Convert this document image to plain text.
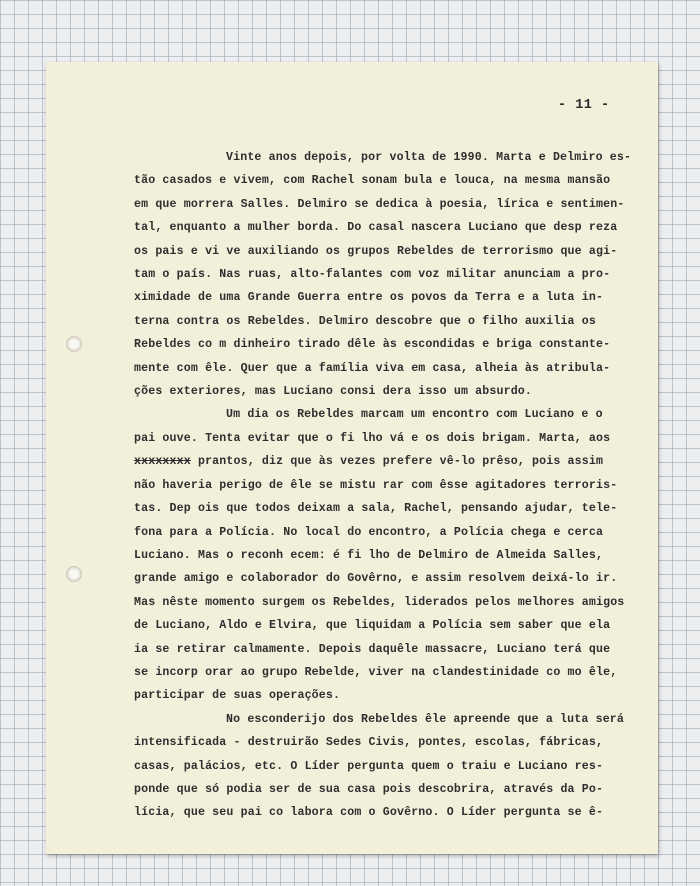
- 11 -
Vinte anos depois, por volta de 1990. Marta e Delmiro es-
tão casados e vivem, com Rachel sonam bula e louca, na mesma mansão
em que morrera Salles. Delmiro se dedica à poesia, lírica e sentimen-
tal, enquanto a mulher borda. Do casal nascera Luciano que desp reza
os pais e vi ve auxiliando os grupos Rebeldes de terrorismo que agi-
tam o país. Nas ruas, alto-falantes com voz militar anunciam a pro-
ximidade de uma Grande Guerra entre os povos da Terra e a luta in-
terna contra os Rebeldes. Delmiro descobre que o filho auxilia os
Rebeldes co m dinheiro tirado dêle às escondidas e briga constante-
mente com êle. Quer que a família viva em casa, alheia às atribula-
ções exteriores, mas Luciano consi dera isso um absurdo.
Um dia os Rebeldes marcam um encontro com Luciano e o
pai ouve. Tenta evitar que o fi lho vá e os dois brigam. Marta, aos
xxxxxxxx prantos, diz que às vezes prefere vê-lo prêso, pois assim
não haveria perigo de êle se mistu rar com êsse agitadores terroris-
tas. Dep ois que todos deixam a sala, Rachel, pensando ajudar, tele-
fona para a Polícia. No local do encontro, a Polícia chega e cerca
Luciano. Mas o reconh ecem: é fi lho de Delmiro de Almeida Salles,
grande amigo e colaborador do Govêrno, e assim resolvem deixá-lo ir.
Mas nêste momento surgem os Rebeldes, liderados pelos melhores amigos
de Luciano, Aldo e Elvira, que liquidam a Polícia sem saber que ela
ia se retirar calmamente. Depois daquêle massacre, Luciano terá que
se incorp orar ao grupo Rebelde, viver na clandestinidade co mo êle,
participar de suas operações.
No esconderijo dos Rebeldes êle apreende que a luta será
intensificada - destruirão Sedes Civis, pontes, escolas, fábricas,
casas, palácios, etc. O Líder pergunta quem o traiu e Luciano res-
ponde que só podia ser de sua casa pois descobrira, através da Po-
lícia, que seu pai co labora com o Govêrno. O Líder pergunta se ê-
